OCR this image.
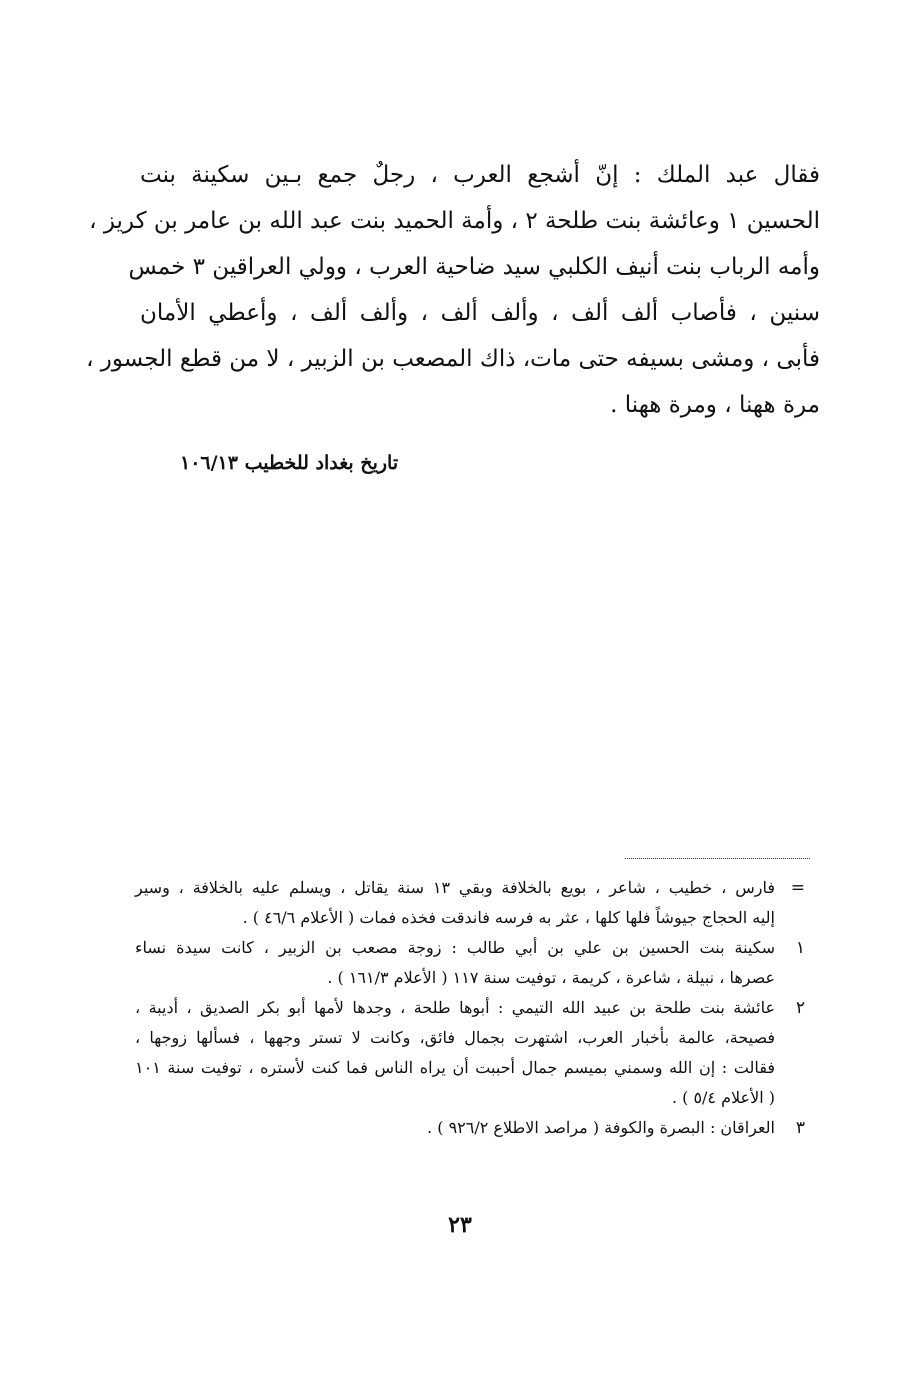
فقال عبد الملك : إنّ أشجع العرب ، رجلٌ جمع بـين سكينة بنت
الحسين ١ وعائشة بنت طلحة ٢ ، وأمة الحميد بنت عبد الله بن عامر بن كريز ،
وأمه الرباب بنت أنيف الكلبي سيد ضاحية العرب ، وولي العراقين ٣ خمس
سنين ، فأصاب ألف ألف ، وألف ألف ، وألف ألف ، وأعطي الأمان
فأبى ، ومشى بسيفه حتى مات، ذاك المصعب بن الزبير ، لا من قطع الجسور ،
مرة ههنا ، ومرة ههنا .
تاريخ بغداد للخطيب ١٠٦/١٣
=
فارس ، خطيب ، شاعر ، بويع بالخلافة وبقي ١٣ سنة يقاتل ، ويسلم عليه بالخلافة ، وسير
إليه الحجاج جيوشاً فلها كلها ، عثر به فرسه فاندقت فخذه فمات ( الأعلام ٤٦/٦ ) .
١
سكينة بنت الحسين بن علي بن أبي طالب : زوجة مصعب بن الزبير ، كانت سيدة نساء
عصرها ، نبيلة ، شاعرة ، كريمة ، توفيت سنة ١١٧ ( الأعلام ١٦١/٣ ) .
٢
عائشة بنت طلحة بن عبيد الله التيمي : أبوها طلحة ، وجدها لأمها أبو بكر الصديق ، أديبة ،
فصيحة، عالمة بأخبار العرب، اشتهرت بجمال فائق، وكانت لا تستر وجهها ، فسألها زوجها ،
فقالت : إن الله وسمني بميسم جمال أحببت أن يراه الناس فما كنت لأستره ، توفيت سنة ١٠١
( الأعلام ٥/٤ ) .
٣
العراقان : البصرة والكوفة ( مراصد الاطلاع ٩٢٦/٢ ) .
٢٣
